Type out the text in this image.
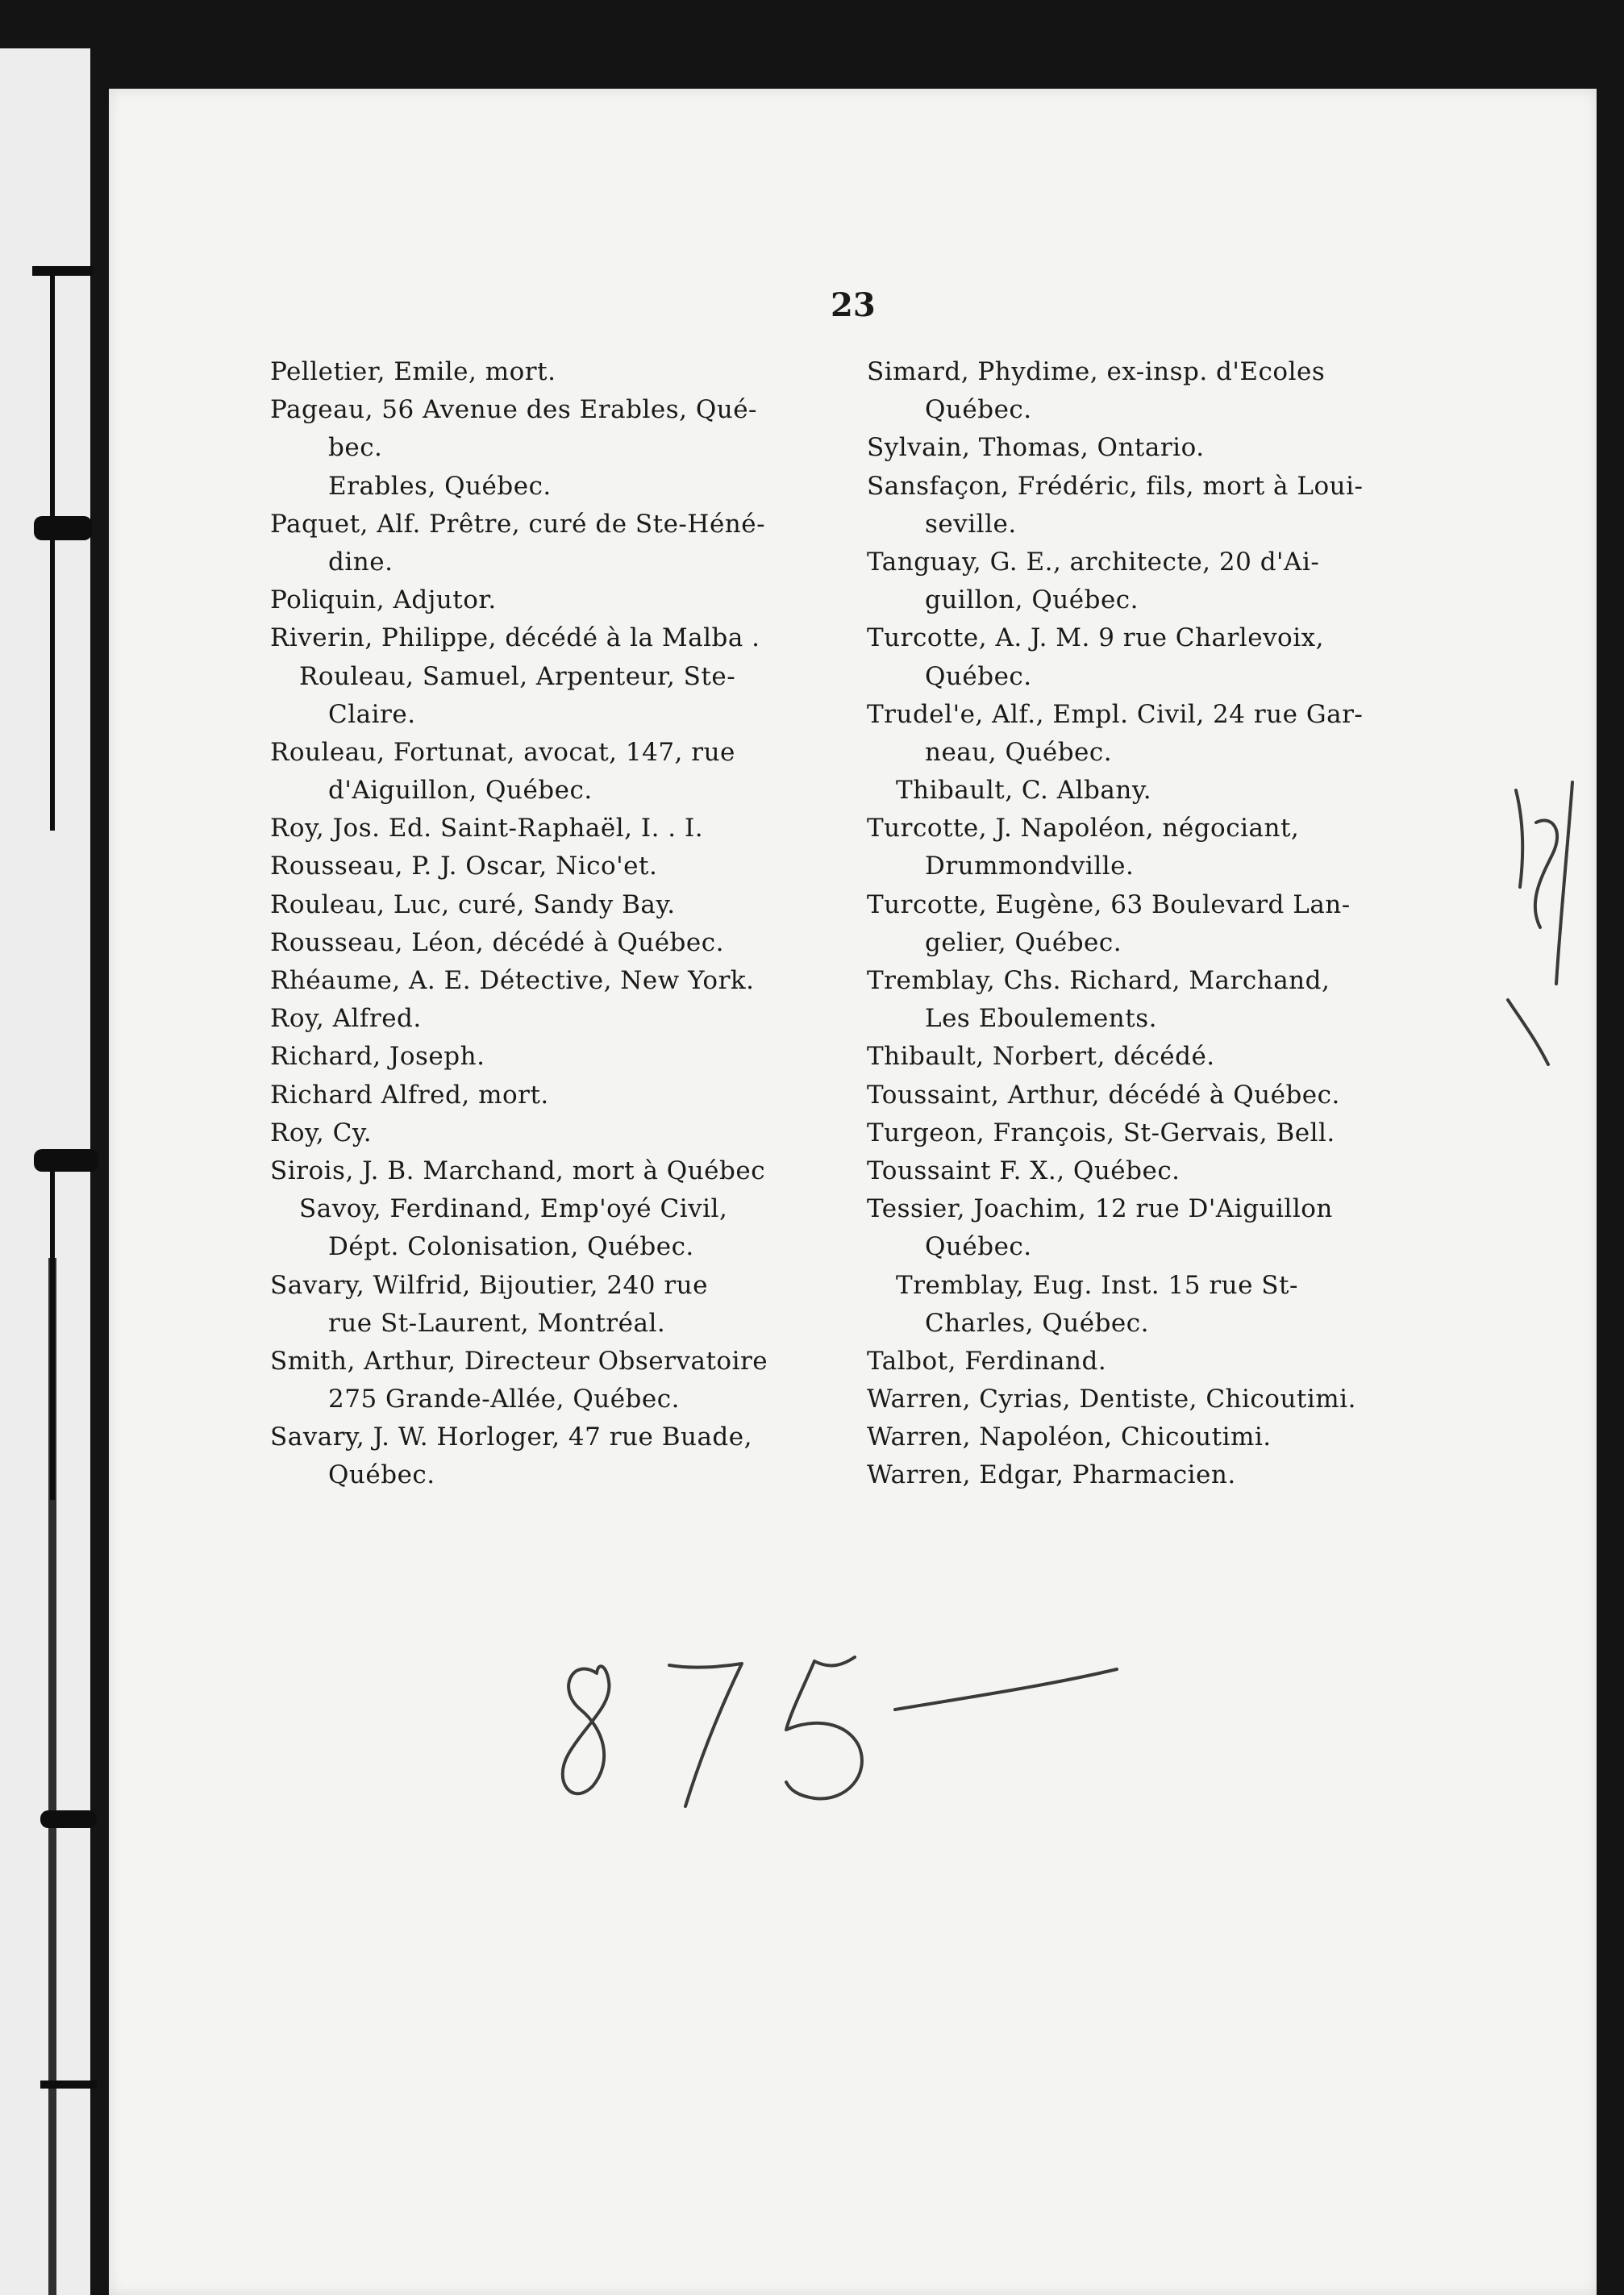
23
Pelletier, Emile, mort.
Pageau, 56 Avenue des Erables, Qué-
bec.
Erables, Québec.
Paquet, Alf. Prêtre, curé de Ste-Héné-
dine.
Poliquin, Adjutor.
Riverin, Philippe, décédé à la Malba .
Rouleau, Samuel, Arpenteur, Ste-
Claire.
Rouleau, Fortunat, avocat, 147, rue
d'Aiguillon, Québec.
Roy, Jos. Ed. Saint-Raphaël, I. . I.
Rousseau, P. J. Oscar, Nico'et.
Rouleau, Luc, curé, Sandy Bay.
Rousseau, Léon, décédé à Québec.
Rhéaume, A. E. Détective, New York.
Roy, Alfred.
Richard, Joseph.
Richard Alfred, mort.
Roy, Cy.
Sirois, J. B. Marchand, mort à Québec
Savoy, Ferdinand, Emp'oyé Civil,
Dépt. Colonisation, Québec.
Savary, Wilfrid, Bijoutier, 240 rue
rue St-Laurent, Montréal.
Smith, Arthur, Directeur Observatoire
275 Grande-Allée, Québec.
Savary, J. W. Horloger, 47 rue Buade,
Québec.
Simard, Phydime, ex-insp. d'Ecoles
Québec.
Sylvain, Thomas, Ontario.
Sansfaçon, Frédéric, fils, mort à Loui-
seville.
Tanguay, G. E., architecte, 20 d'Ai-
guillon, Québec.
Turcotte, A. J. M. 9 rue Charlevoix,
Québec.
Trudel'e, Alf., Empl. Civil, 24 rue Gar-
neau, Québec.
Thibault, C. Albany.
Turcotte, J. Napoléon, négociant,
Drummondville.
Turcotte, Eugène, 63 Boulevard Lan-
gelier, Québec.
Tremblay, Chs. Richard, Marchand,
Les Eboulements.
Thibault, Norbert, décédé.
Toussaint, Arthur, décédé à Québec.
Turgeon, François, St-Gervais, Bell.
Toussaint F. X., Québec.
Tessier, Joachim, 12 rue D'Aiguillon
Québec.
Tremblay, Eug. Inst. 15 rue St-
Charles, Québec.
Talbot, Ferdinand.
Warren, Cyrias, Dentiste, Chicoutimi.
Warren, Napoléon, Chicoutimi.
Warren, Edgar, Pharmacien.
